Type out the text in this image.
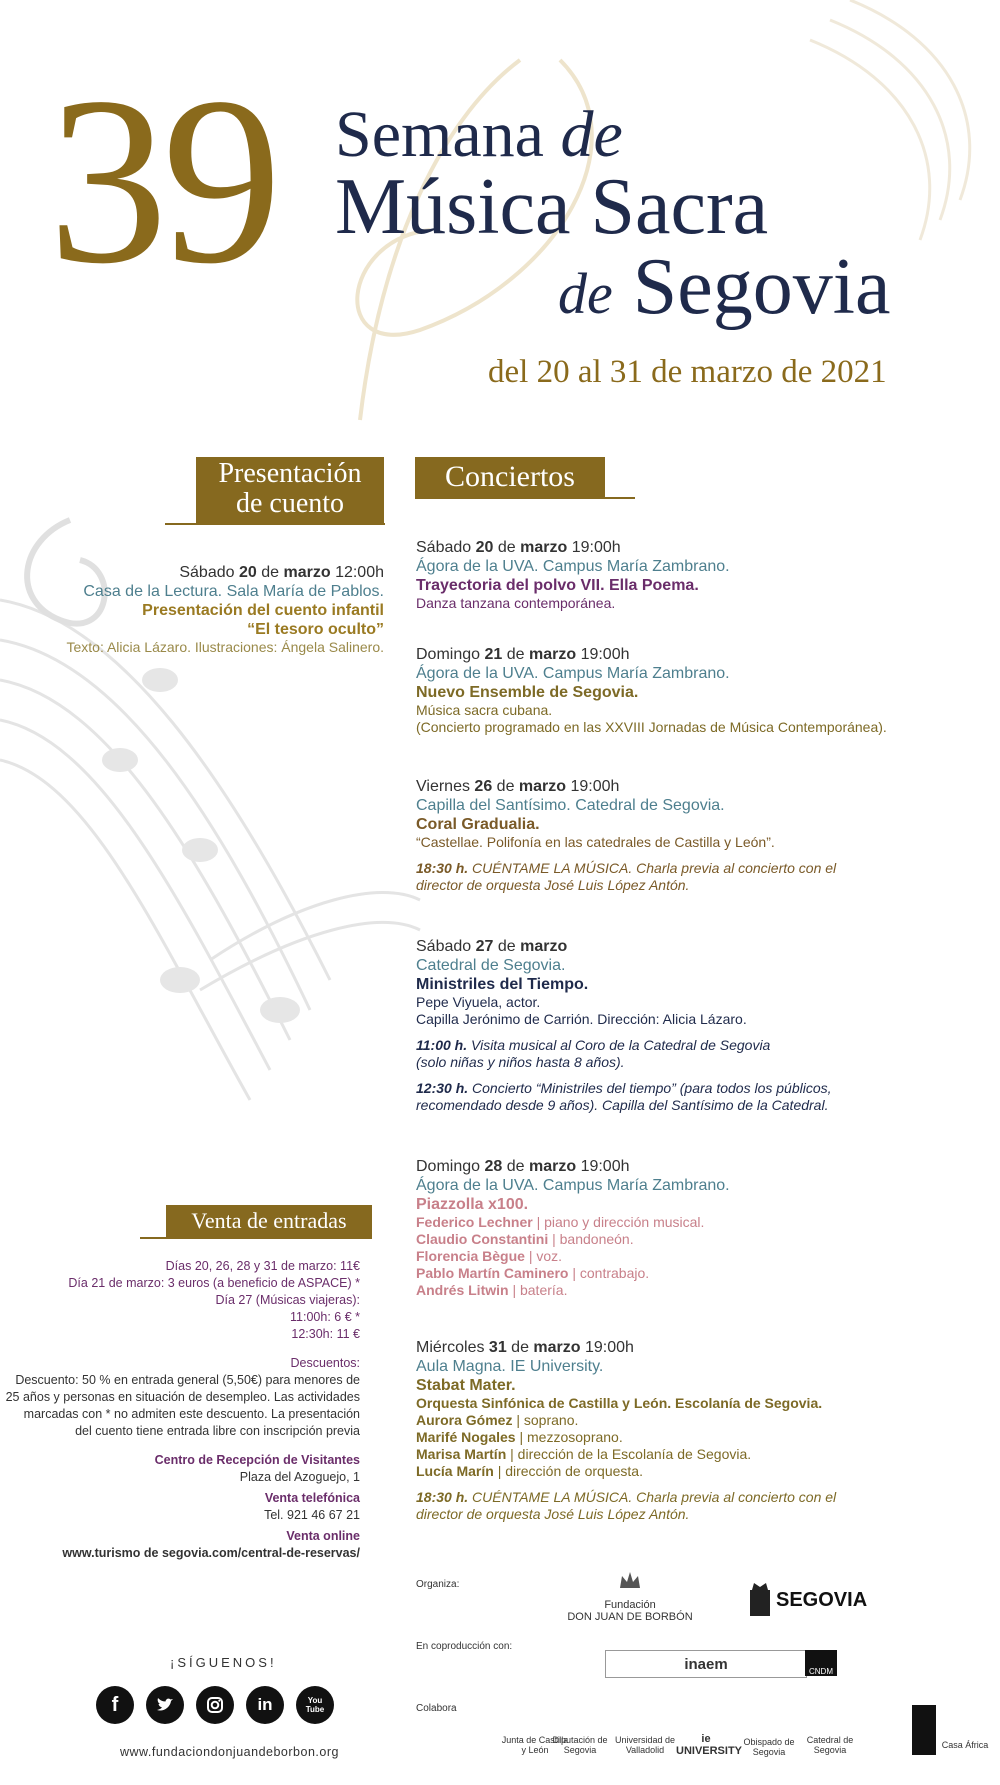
39 Semana de
Música Sacra
de Segovia
del 20 al 31 de marzo de 2021
Presentación
de cuento
Conciertos
Sábado 20 de marzo 12:00h
Casa de la Lectura. Sala María de Pablos.
Presentación del cuento infantil
“El tesoro oculto”
Texto: Alicia Lázaro. Ilustraciones: Ángela Salinero.
Sábado 20 de marzo 19:00h
Ágora de la UVA. Campus María Zambrano.
Trayectoria del polvo VII. Ella Poema.
Danza tanzana contemporánea.
Domingo 21 de marzo 19:00h
Ágora de la UVA. Campus María Zambrano.
Nuevo Ensemble de Segovia.
Música sacra cubana.
(Concierto programado en las XXVIII Jornadas de Música Contemporánea).
Viernes 26 de marzo 19:00h
Capilla del Santísimo. Catedral de Segovia.
Coral Gradualia.
“Castellae. Polifonía en las catedrales de Castilla y León”.
18:30 h. CUÉNTAME LA MÚSICA. Charla previa al concierto con el
director de orquesta José Luis López Antón.
Sábado 27 de marzo
Catedral de Segovia.
Ministriles del Tiempo.
Pepe Viyuela, actor.
Capilla Jerónimo de Carrión. Dirección: Alicia Lázaro.
11:00 h. Visita musical al Coro de la Catedral de Segovia
(solo niñas y niños hasta 8 años).
12:30 h. Concierto “Ministriles del tiempo” (para todos los públicos,
recomendado desde 9 años). Capilla del Santísimo de la Catedral.
Domingo 28 de marzo 19:00h
Ágora de la UVA. Campus María Zambrano.
Piazzolla x100.
Federico Lechner | piano y dirección musical.
Claudio Constantini | bandoneón.
Florencia Bègue | voz.
Pablo Martín Caminero | contrabajo.
Andrés Litwin | batería.
Miércoles 31 de marzo 19:00h
Aula Magna. IE University.
Stabat Mater.
Orquesta Sinfónica de Castilla y León. Escolanía de Segovia.
Aurora Gómez | soprano.
Marifé Nogales | mezzosoprano.
Marisa Martín | dirección de la Escolanía de Segovia.
Lucía Marín | dirección de orquesta.
18:30 h. CUÉNTAME LA MÚSICA. Charla previa al concierto con el
director de orquesta José Luis López Antón.
Venta de entradas
Días 20, 26, 28 y 31 de marzo: 11€
Día 21 de marzo: 3 euros (a beneficio de ASPACE) *
Día 27 (Músicas viajeras):
11:00h: 6 € *
12:30h: 11 €
Descuentos:
Descuento: 50 % en entrada general (5,50€) para menores de
25 años y personas en situación de desempleo. Las actividades
marcadas con * no admiten este descuento. La presentación
del cuento tiene entrada libre con inscripción previa
Centro de Recepción de Visitantes
Plaza del Azoguejo, 1
Venta telefónica
Tel. 921 46 67 21
Venta online
www.turismo de segovia.com/central-de-reservas/
¡SÍGUENOS!
f	in	You
Tube
www.fundaciondonjuandeborbon.org
Organiza:
Fundación
DON JUAN DE BORBÓN
SEGOVIA
En coproducción con:
inaem	CNDM
Colabora
Junta de Castilla y León
Diputación de Segovia
Universidad de Valladolid
ie UNIVERSITY
Obispado de Segovia
Catedral de Segovia	Casa África
